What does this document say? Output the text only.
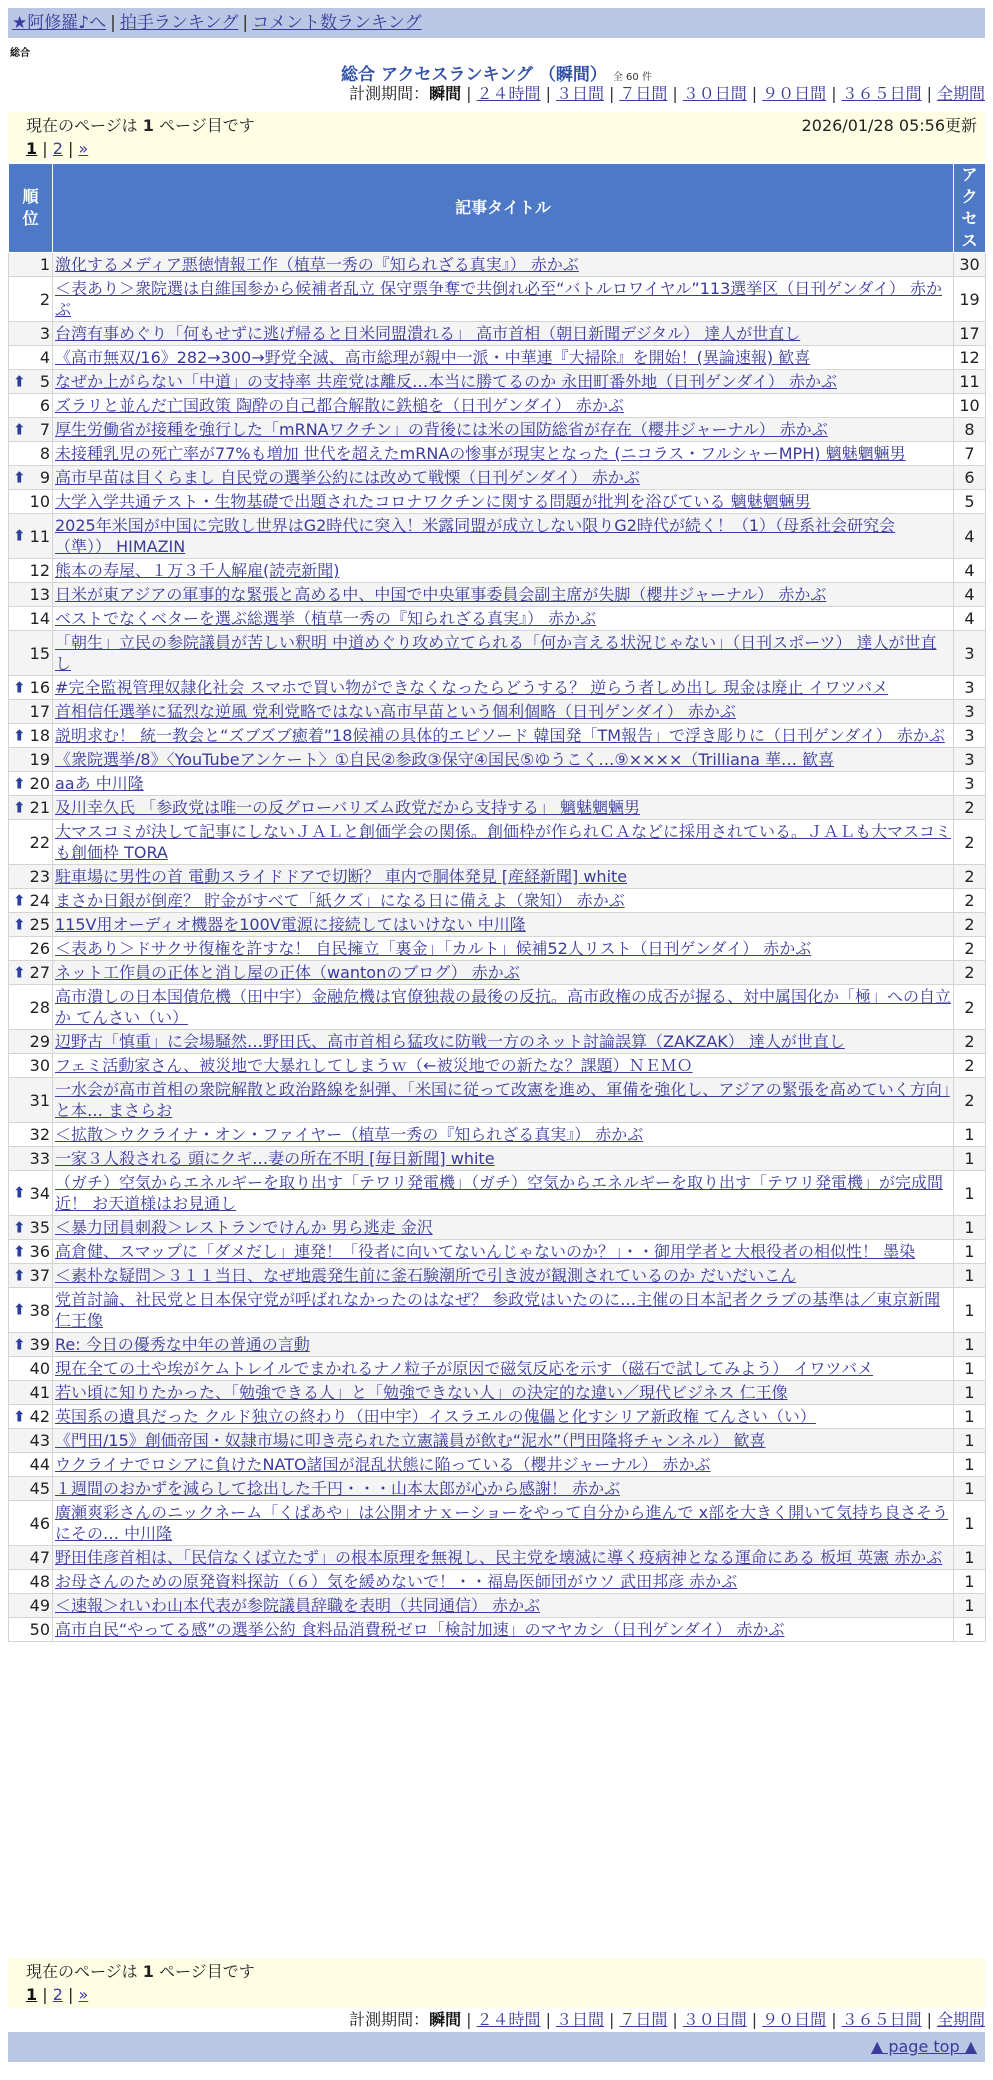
★阿修羅♪へ | 拍手ランキング | コメント数ランキング
総合
総合 アクセスランキング （瞬間） 全 60 件
計測期間：瞬間 | ２４時間 | ３日間 | ７日間 | ３０日間 | ９０日間 | ３６５日間 | 全期間
現在のページは 1 ページ目です	2026/01/28 05:56更新
1 | 2 | »
順位	記事タイトル	アクセス
1	激化するメディア悪徳情報工作（植草一秀の『知られざる真実』） 赤かぶ	30
2	＜表あり＞衆院選は自維国参から候補者乱立 保守票争奪で共倒れ必至“バトルロワイヤル”113選挙区（日刊ゲンダイ） 赤かぶ	19
3	台湾有事めぐり「何もせずに逃げ帰ると日米同盟潰れる」 高市首相（朝日新聞デジタル） 達人が世直し	17
4	《高市無双/16》282→300→野党全滅、高市総理が親中一派・中華連『大掃除』を開始！(異論速報) 歓喜	12

⬆ 5	なぜか上がらない「中道」の支持率 共産党は離反…本当に勝てるのか 永田町番外地（日刊ゲンダイ） 赤かぶ	11
6	ズラリと並んだ亡国政策 陶酔の自己都合解散に鉄槌を（日刊ゲンダイ） 赤かぶ	10

⬆ 7	厚生労働省が接種を強行した「mRNAワクチン」の背後には米の国防総省が存在（櫻井ジャーナル） 赤かぶ	8
8	未接種乳児の死亡率が77%も増加 世代を超えたmRNAの惨事が現実となった (ニコラス・フルシャーMPH) 魑魅魍魎男	7

⬆ 9	高市早苗は目くらまし 自民党の選挙公約には改めて戦慄（日刊ゲンダイ） 赤かぶ	6
10	大学入学共通テスト・生物基礎で出題されたコロナワクチンに関する問題が批判を浴びている 魑魅魍魎男	5

⬆ 11	2025年米国が中国に完敗し世界はG2時代に突入！米露同盟が成立しない限りG2時代が続く！（1）（母系社会研究会（準）） HIMAZIN	4
12	熊本の寿屋、１万３千人解雇(読売新聞)	4
13	日米が東アジアの軍事的な緊張と高める中、中国で中央軍事委員会副主席が失脚（櫻井ジャーナル） 赤かぶ	4
14	ベストでなくベターを選ぶ総選挙（植草一秀の『知られざる真実』） 赤かぶ	4
15	「朝生」立民の参院議員が苦しい釈明 中道めぐり攻め立てられる「何か言える状況じゃない」（日刊スポーツ） 達人が世直し	3

⬆ 16	#完全監視管理奴隷化社会 スマホで買い物ができなくなったらどうする？ 逆らう者しめ出し 現金は廃止 イワツバメ	3
17	首相信任選挙に猛烈な逆風 党利党略ではない高市早苗という個利個略（日刊ゲンダイ） 赤かぶ	3

⬆ 18	説明求む！ 統一教会と“ズブズブ癒着”18候補の具体的エピソード 韓国発「TM報告」で浮き彫りに（日刊ゲンダイ） 赤かぶ	3
19	《衆院選挙/8》〈YouTubeアンケート〉①自民②参政③保守④国民⑤ゆうこく…⑨××××（Trilliana 華… 歓喜	3

⬆ 20	aaあ 中川隆	3

⬆ 21	及川幸久氏 「参政党は唯一の反グローバリズム政党だから支持する」 魑魅魍魎男	2
22	大マスコミが決して記事にしないＪＡＬと創価学会の関係。創価枠が作られＣＡなどに採用されている。ＪＡＬも大マスコミも創価枠 TORA	2
23	駐車場に男性の首 電動スライドドアで切断？ 車内で胴体発見 [産経新聞] white	2

⬆ 24	まさか日銀が倒産？ 貯金がすべて「紙クズ」になる日に備えよ（衆知） 赤かぶ	2

⬆ 25	115V用オーディオ機器を100V電源に接続してはいけない 中川隆	2
26	＜表あり＞ドサクサ復権を許すな！ 自民擁立「裏金」「カルト」候補52人リスト（日刊ゲンダイ） 赤かぶ	2

⬆ 27	ネット工作員の正体と消し屋の正体（wantonのブログ） 赤かぶ	2
28	高市潰しの日本国債危機（田中宇）金融危機は官僚独裁の最後の反抗。高市政権の成否が握る、対中属国化か「極」への自立か てんさい（い）	2
29	辺野古「慎重」に会場騒然…野田氏、高市首相ら猛攻に防戦一方のネット討論誤算（ZAKZAK） 達人が世直し	2
30	フェミ活動家さん、被災地で大暴れしてしまうｗ（←被災地での新たな？課題）ＮＥＭＯ	2
31	一水会が高市首相の衆院解散と政治路線を糾弾、「米国に従って改憲を進め、軍備を強化し、アジアの緊張を高めていく方向」と本… まさらお	2
32	＜拡散＞ウクライナ・オン・ファイヤー（植草一秀の『知られざる真実』） 赤かぶ	1
33	一家３人殺される 頭にクギ…妻の所在不明 [毎日新聞] white	1

⬆ 34	（ガチ）空気からエネルギーを取り出す「テワリ発電機」（ガチ）空気からエネルギーを取り出す「テワリ発電機」が完成間近！ お天道様はお見通し	1

⬆ 35	＜暴力団員刺殺＞レストランでけんか 男ら逃走 金沢	1

⬆ 36	高倉健、スマップに「ダメだし」連発！「役者に向いてないんじゃないのか？」・・御用学者と大根役者の相似性！ 墨染	1

⬆ 37	＜素朴な疑問＞３１１当日、なぜ地震発生前に釜石験潮所で引き波が観測されているのか だいだいこん	1

⬆ 38	党首討論、社民党と日本保守党が呼ばれなかったのはなぜ？ 参政党はいたのに…主催の日本記者クラブの基準は／東京新聞 仁王像	1

⬆ 39	Re: 今日の優秀な中年の普通の言動	1
40	現在全ての土や埃がケムトレイルでまかれるナノ粒子が原因で磁気反応を示す（磁石で試してみよう） イワツバメ	1
41	若い頃に知りたかった、「勉強できる人」と「勉強できない人」の決定的な違い／現代ビジネス 仁王像	1

⬆ 42	英国系の遺具だった クルド独立の終わり（田中宇）イスラエルの傀儡と化すシリア新政権 てんさい（い）	1
43	《門田/15》創価帝国・奴隷市場に叩き売られた立憲議員が飲む“泥水”（門田隆将チャンネル） 歓喜	1
44	ウクライナでロシアに負けたNATO諸国が混乱状態に陥っている（櫻井ジャーナル） 赤かぶ	1
45	１週間のおかずを減らして捻出した千円・・・山本太郎が心から感謝！ 赤かぶ	1
46	廣瀬爽彩さんのニックネーム「くぱあや」は公開オナｘーショーをやって自分から進んで x部を大きく開いて気持ち良さそうにその… 中川隆	1
47	野田佳彦首相は、「民信なくば立たず」の根本原理を無視し、民主党を壊滅に導く疫病神となる運命にある 板垣 英憲 赤かぶ	1
48	お母さんのための原発資料探訪（６）気を緩めないで！・・福島医師団がウソ 武田邦彦 赤かぶ	1
49	＜速報＞れいわ山本代表が参院議員辞職を表明（共同通信） 赤かぶ	1
50	高市自民“やってる感”の選挙公約 食料品消費税ゼロ「検討加速」のマヤカシ（日刊ゲンダイ） 赤かぶ	1
現在のページは 1 ページ目です
1 | 2 | »
計測期間：瞬間 | ２４時間 | ３日間 | ７日間 | ３０日間 | ９０日間 | ３６５日間 | 全期間
▲ page top ▲
